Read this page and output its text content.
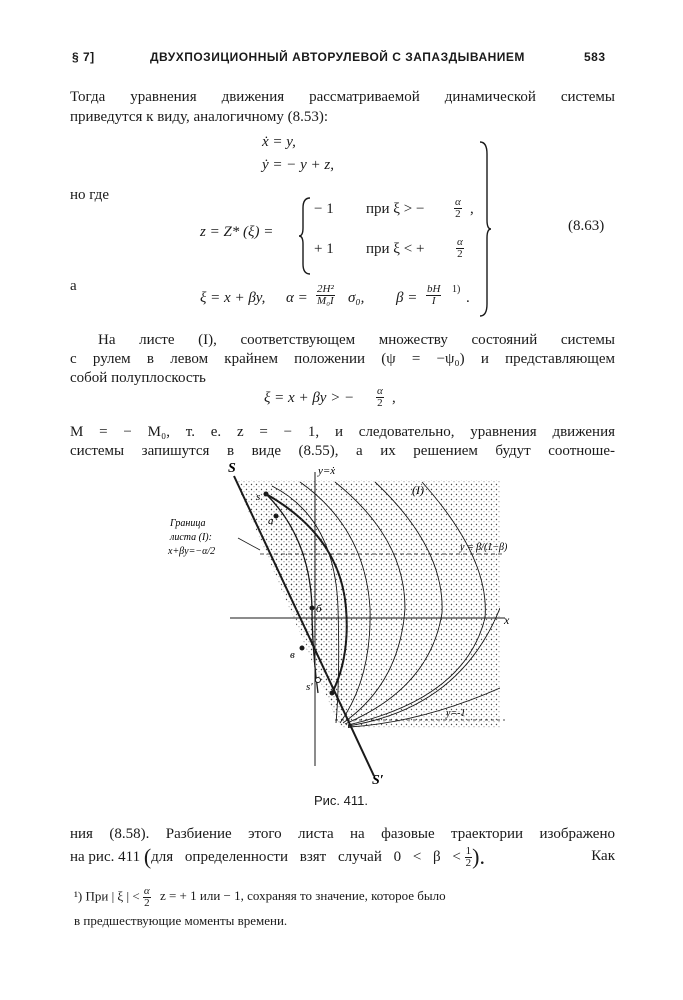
§ 7]	ДВУХПОЗИЦИОННЫЙ АВТОРУЛЕВОЙ С ЗАПАЗДЫВАНИЕМ	583
Тогда уравнения движения рассматриваемой динамической системы
приведутся к виду, аналогичному (8.53):
ẋ = y,
ẏ = − y + z,
но где
z = Z* (ξ) =
− 1 при ξ > −	$\frac{\alpha}{2}$ ,
+ 1 при ξ < +	$\frac{\alpha}{2}$
(8.63)
а
ξ = x + βy, $\alpha = \frac{\text{2H²}}{\text{M₀I}} \sigma_0$, $\beta = \frac{bH}{I} 1$)
.
На листе (I), соответствующем множеству состояний системы
с рулем в левом крайнем положении (ψ = −ψ₀) и представляющем
собой полуплоскость
ξ = x + βy > − $\frac{\alpha}{2}$ ,
M = − M₀, т. е. z = − 1, и следовательно, уравнения движения
системы запишутся в виде (8.55), а их решением будут соотноше-
S
S′
y=ẋ
(I)
x
y = β/(1−β)
y=-1
s
a
б
в
s′
Граница
листа (I):
x+βy=−α/2
Рис. 411.
ния (8.58). Разбиение этого листа на фазовые траектории изображено
на рис. 411 (для определенности взят случай $0 < \beta < \frac{1}{2}$ ).	Как
¹) При | ξ | < $\frac{\alpha}{2}$ z = + 1 или − 1, сохраняя то значение, которое было
в предшествующие моменты времени.
